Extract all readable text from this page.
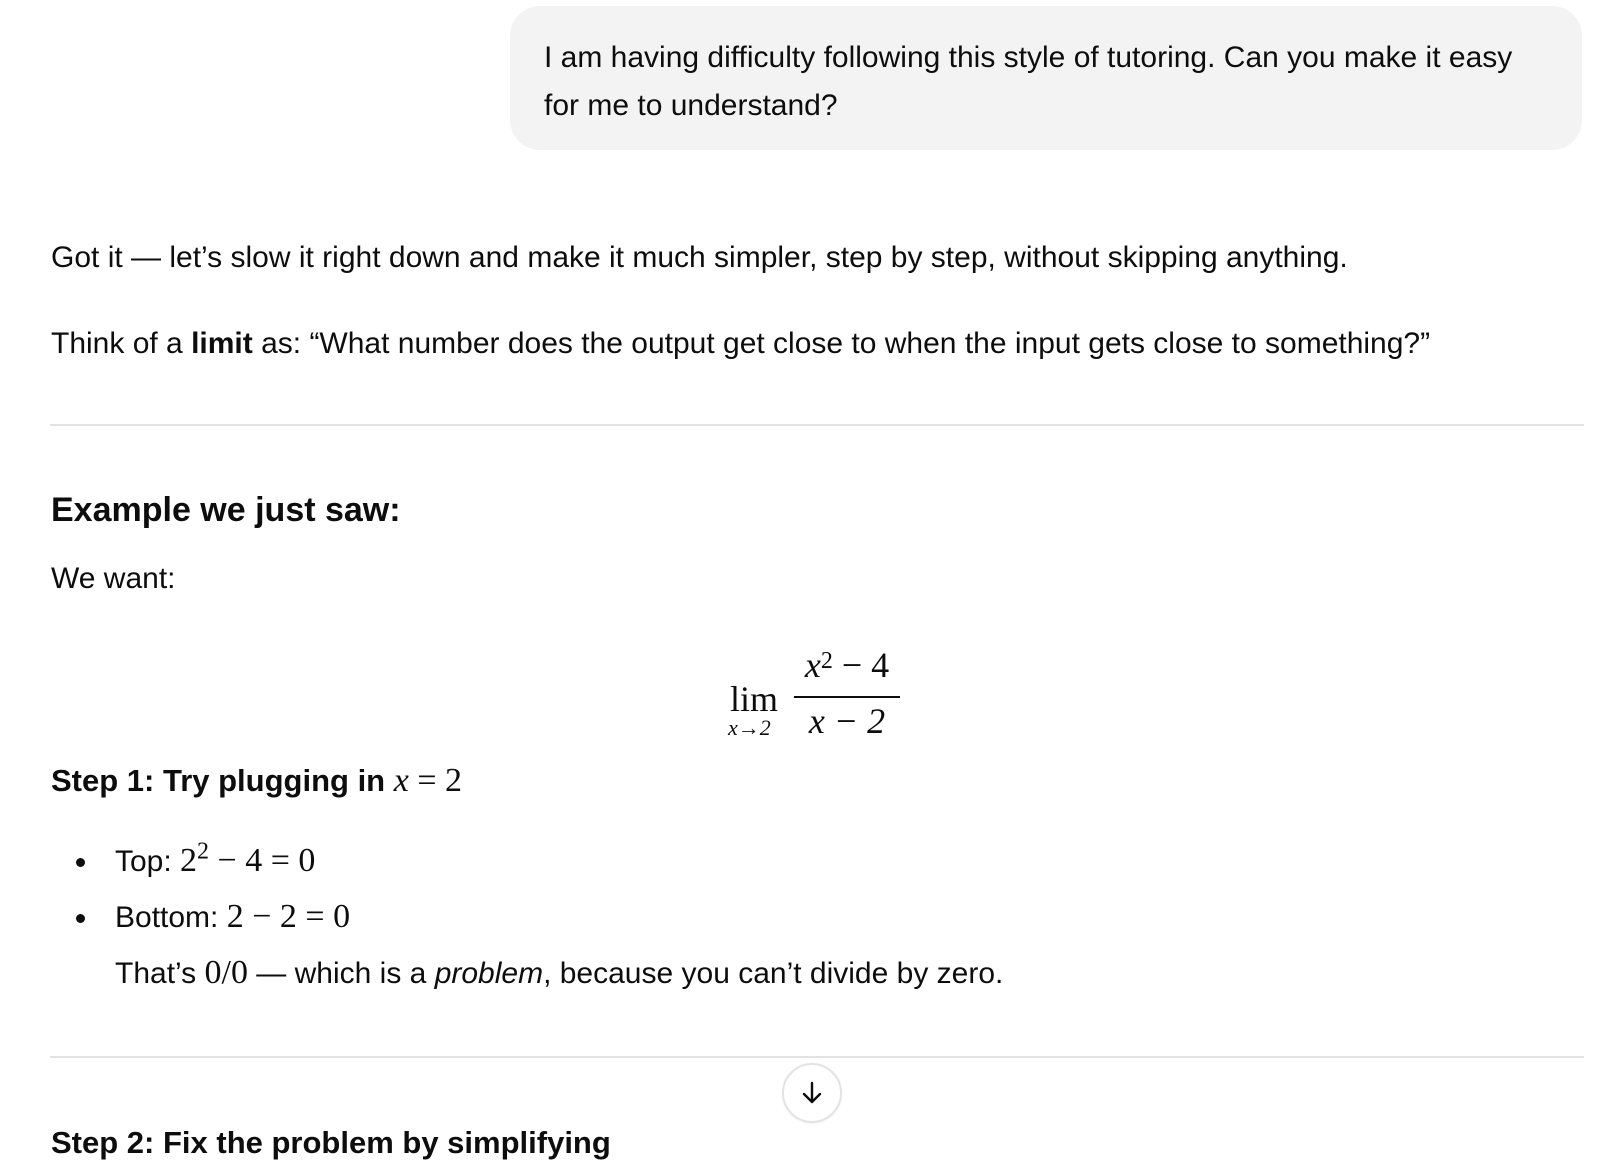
I am having difficulty following this style of tutoring. Can you make it easy for me to understand?
Got it — let’s slow it right down and make it much simpler, step by step, without skipping anything.
Think of a limit as: “What number does the output get close to when the input gets close to something?”
Example we just saw:
We want:
lim
x→2
$x^2 - 4$
x − 2
Step 1: Try plugging in x = 2
Top: $2^2 - 4 = 0$
Bottom: 2 − 2 = 0
That’s 0/0 — which is a problem, because you can’t divide by zero.
Step 2: Fix the problem by simplifying
